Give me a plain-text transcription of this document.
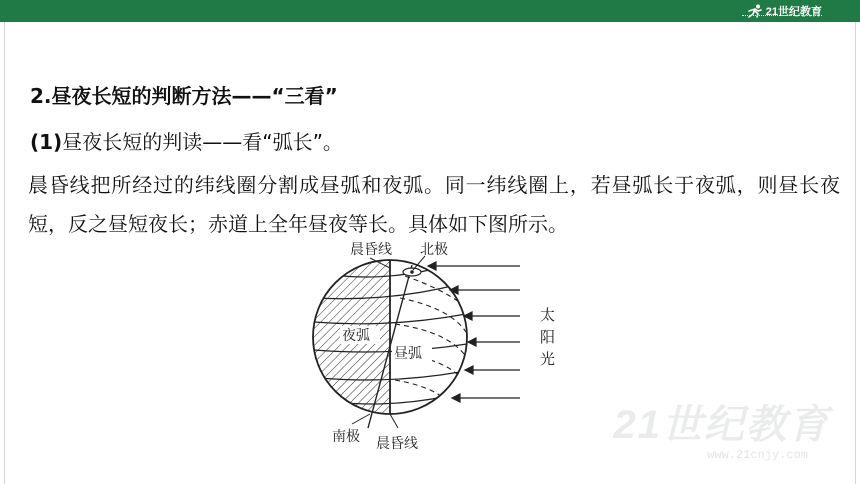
21世纪教育
2.昼夜长短的判断方法——“三看”
(1)昼夜长短的判读——看“弧长”。
晨昏线把所经过的纬线圈分割成昼弧和夜弧。同一纬线圈上，若昼弧长于夜弧，则昼长夜短，反之昼短夜长；赤道上全年昼夜等长。具体如下图所示。
晨昏线 北极
夜弧
昼弧
南极 晨昏线
太
阳
光
21世纪教育
www.21cnjy.com
